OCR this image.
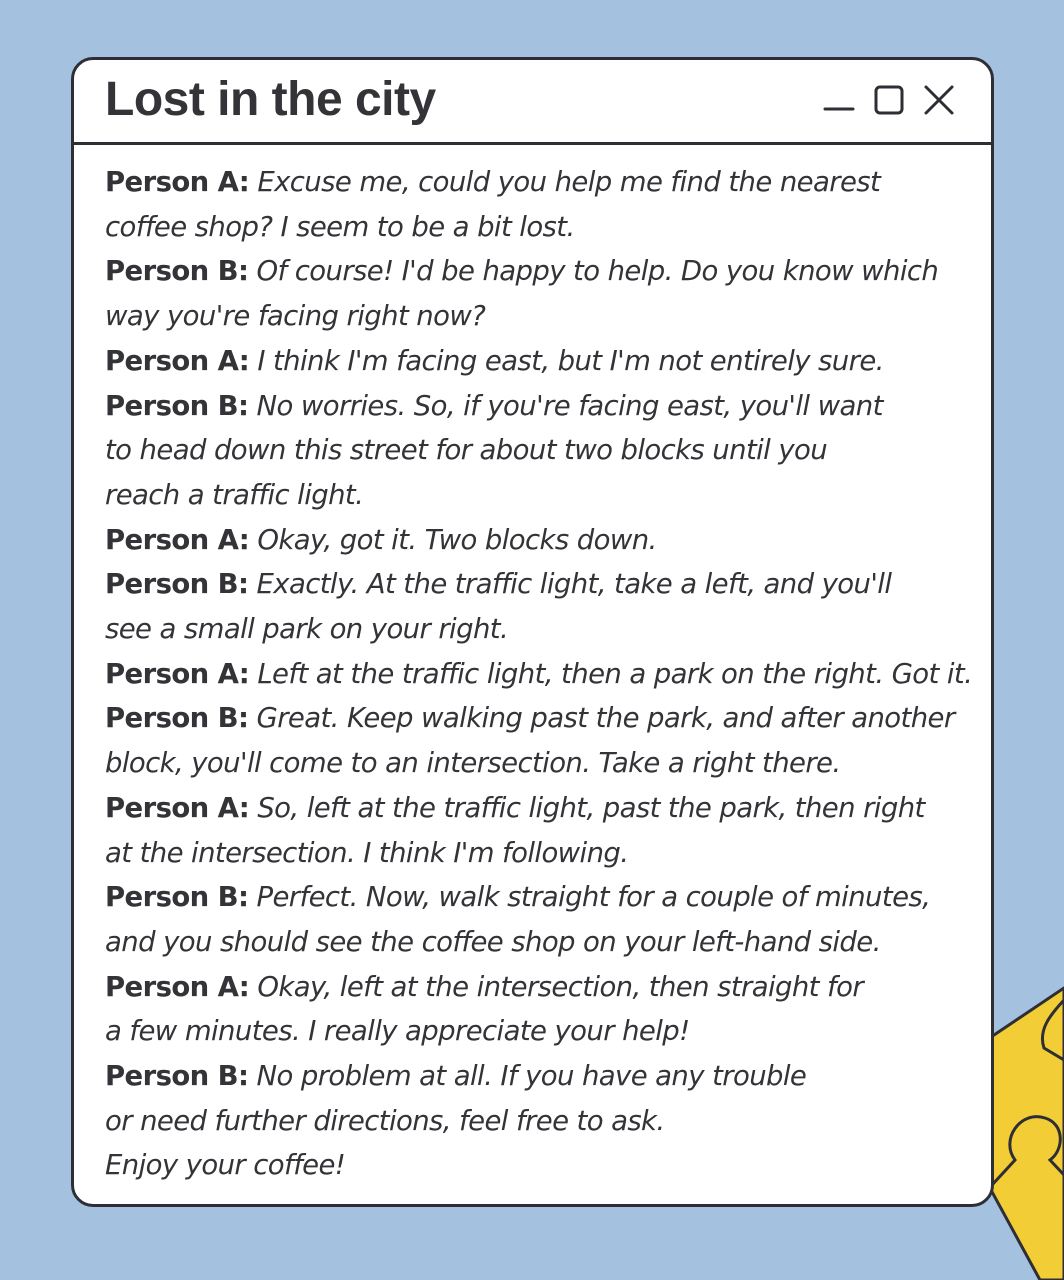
Lost in the city

Person A: Excuse me, could you help me find the nearest

coffee shop? I seem to be a bit lost.

Person B: Of course! I'd be happy to help. Do you know which

way you're facing right now?

Person A: I think I'm facing east, but I'm not entirely sure.

Person B: No worries. So, if you're facing east, you'll want

to head down this street for about two blocks until you

reach a traffic light.

Person A: Okay, got it. Two blocks down.

Person B: Exactly. At the traffic light, take a left, and you'll

see a small park on your right.

Person A: Left at the traffic light, then a park on the right. Got it.

Person B: Great. Keep walking past the park, and after another

block, you'll come to an intersection. Take a right there.

Person A: So, left at the traffic light, past the park, then right

at the intersection. I think I'm following.

Person B: Perfect. Now, walk straight for a couple of minutes,

and you should see the coffee shop on your left-hand side.

Person A: Okay, left at the intersection, then straight for

a few minutes. I really appreciate your help!

Person B: No problem at all. If you have any trouble

or need further directions, feel free to ask.

Enjoy your coffee!
